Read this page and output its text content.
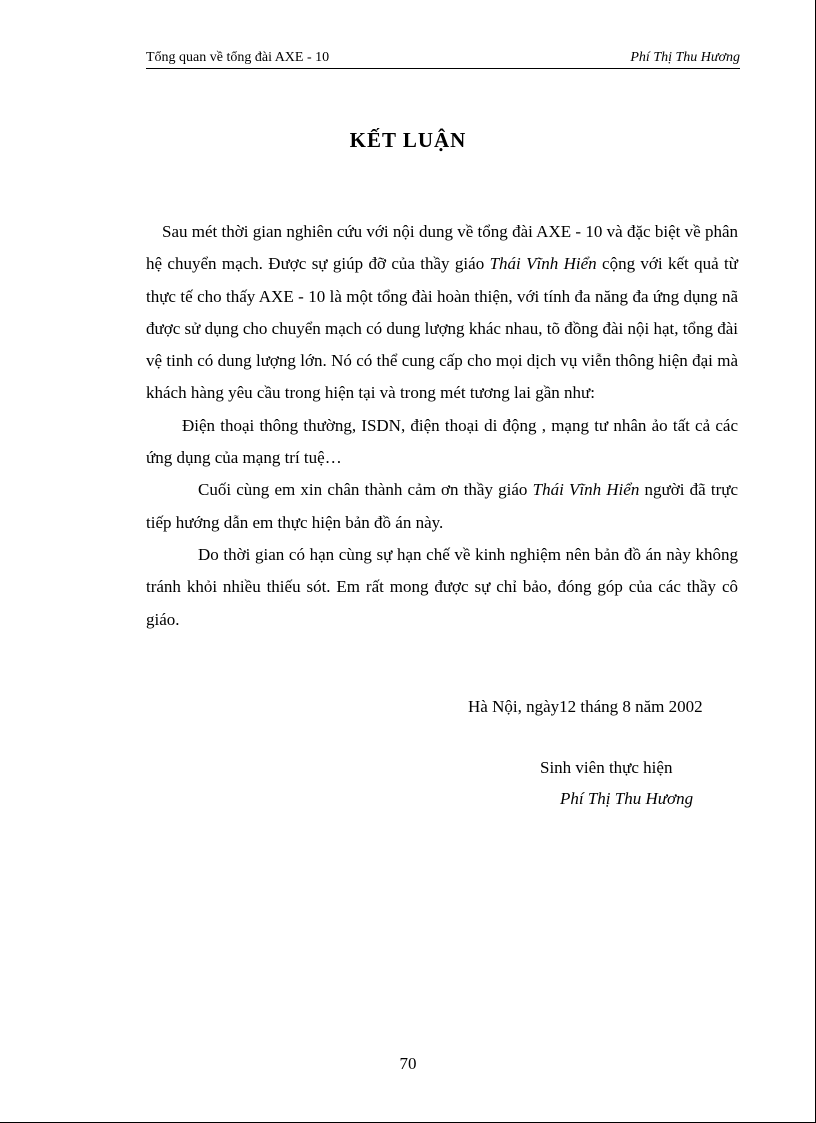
Tổng quan về tổng đài AXE - 10	Phí Thị Thu Hương
KẾT LUẬN

Sau mét thời gian nghiên cứu với nội dung về tổng đài AXE - 10 và đặc biệt về phân hệ chuyển mạch. Được sự giúp đỡ của thầy giáo Thái Vĩnh Hiển cộng với kết quả từ thực tế cho thấy AXE - 10 là một tổng đài hoàn thiện, với tính đa năng đa ứng dụng nã được sử dụng cho chuyển mạch có dung lượng khác nhau, tõ đồng đài nội hạt, tổng đài vệ tinh có dung lượng lớn. Nó có thể cung cấp cho mọi dịch vụ viễn thông hiện đại mà khách hàng yêu cầu trong hiện tại và trong mét tương lai gần như:

Điện thoại thông thường, ISDN, điện thoại di động , mạng tư nhân ảo tất cả các ứng dụng của mạng trí tuệ…

Cuối cùng em xin chân thành cảm ơn thầy giáo Thái Vĩnh Hiển người đã trực tiếp hướng dẫn em thực hiện bản đồ án này.

Do thời gian có hạn cùng sự hạn chế về kinh nghiệm nên bản đồ án này không tránh khỏi nhiều thiếu sót. Em rất mong được sự chỉ bảo, đóng góp của các thầy cô giáo.

Hà Nội, ngày12 tháng 8 năm 2002
Sinh viên thực hiện
Phí Thị Thu Hương
70
